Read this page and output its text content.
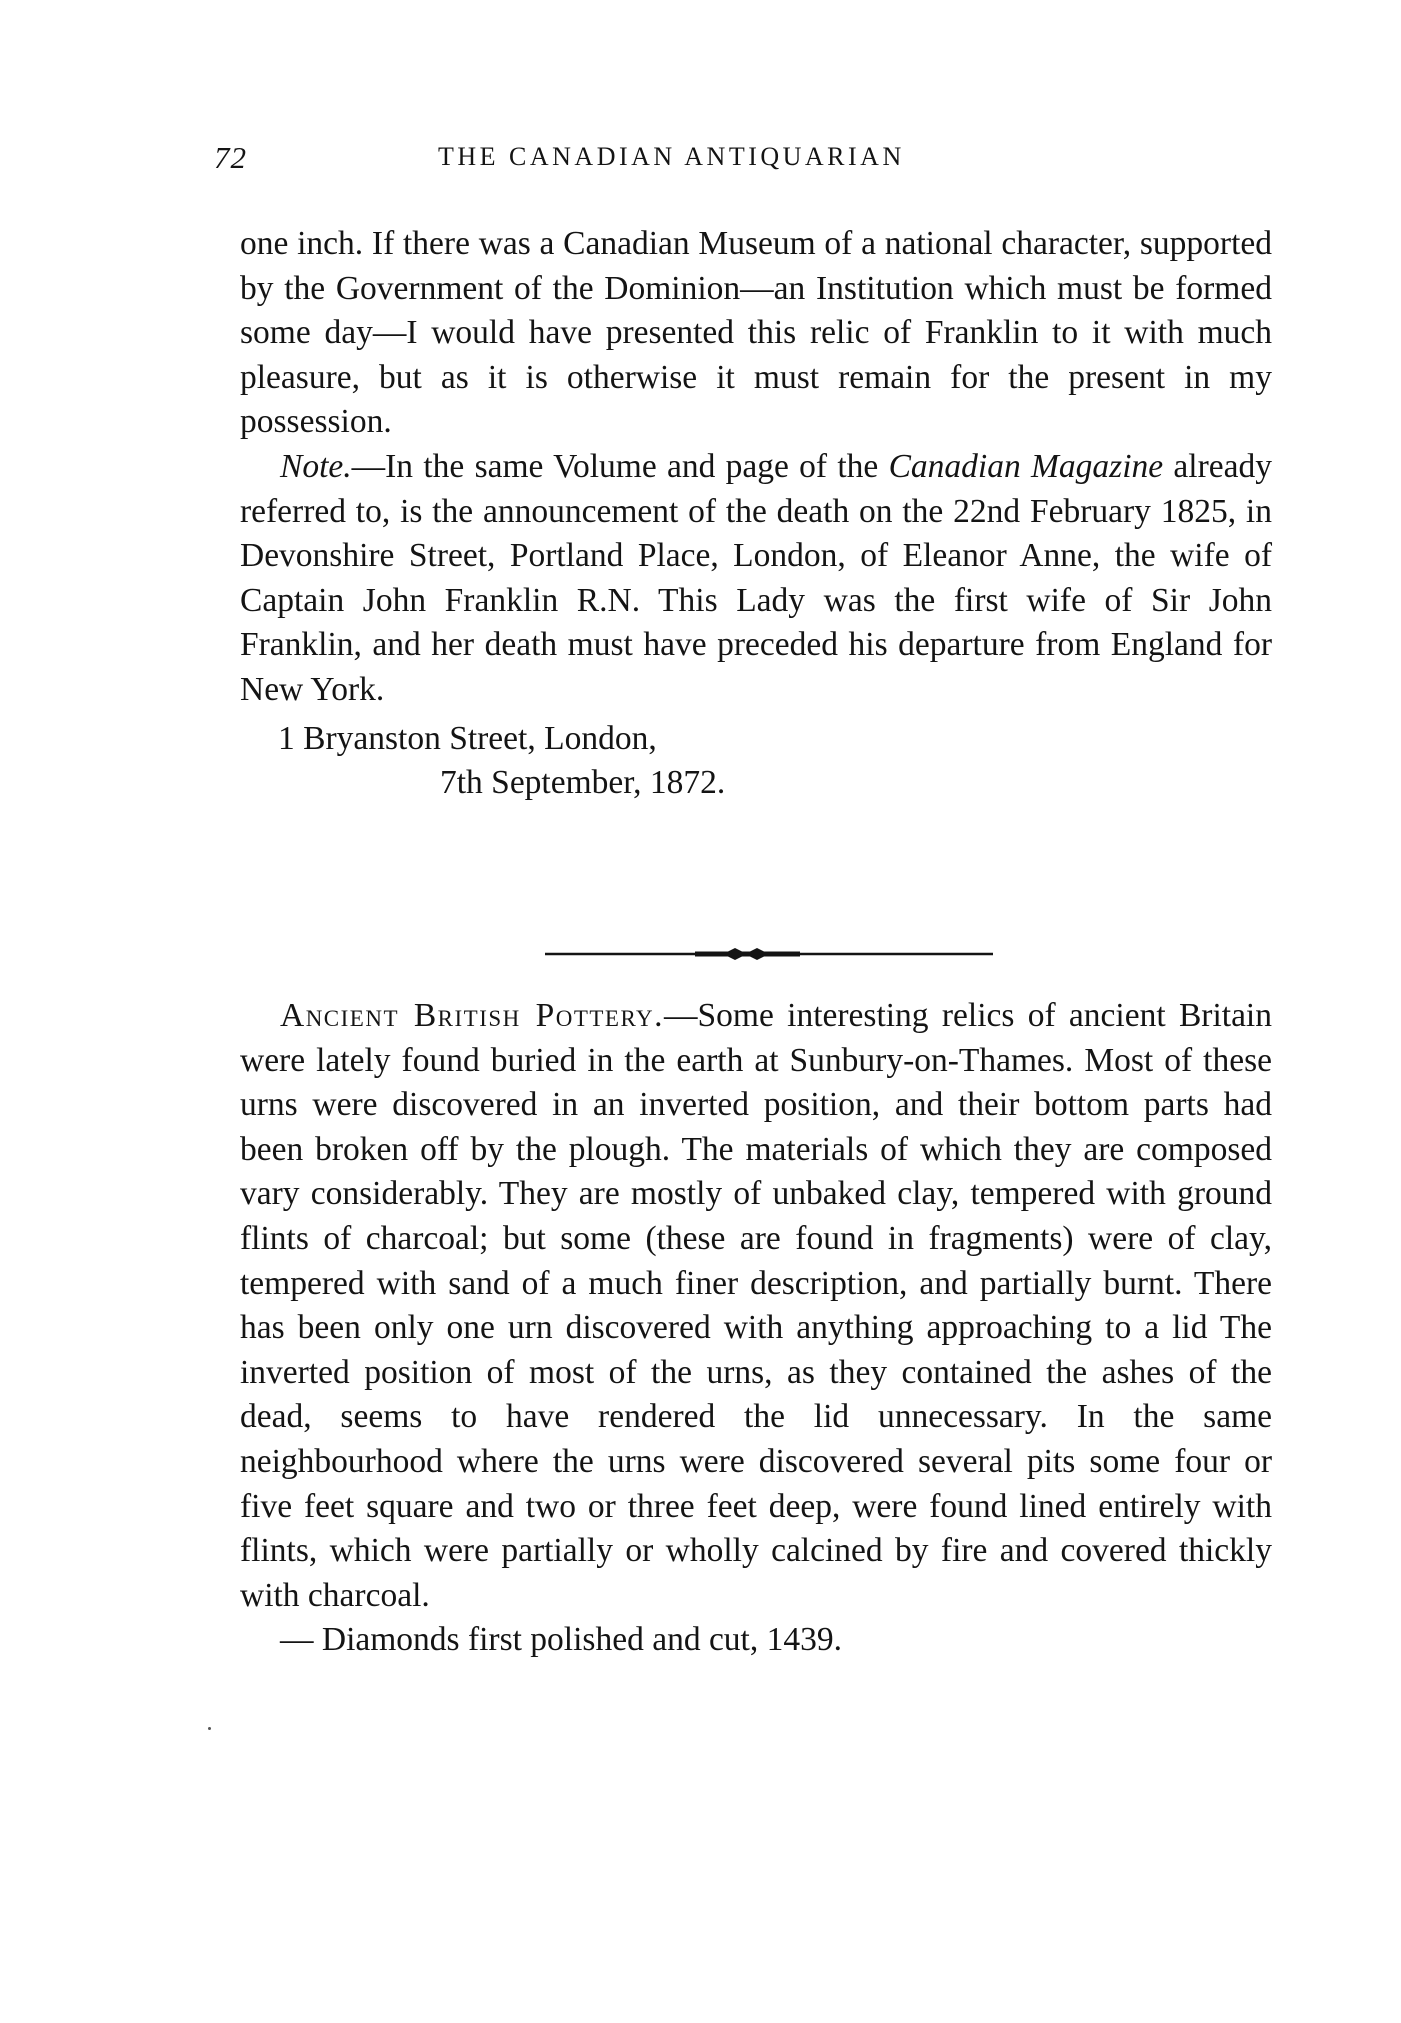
72	THE CANADIAN ANTIQUARIAN

one inch. If there was a Canadian Museum of a national character, supported by the Government of the Dominion—an Institution which must be formed some day—I would have presented this relic of Franklin to it with much pleasure, but as it is otherwise it must remain for the present in my possession.

Note.—In the same Volume and page of the Canadian Magazine already referred to, is the announcement of the death on the 22nd February 1825, in Devonshire Street, Portland Place, London, of Eleanor Anne, the wife of Captain John Franklin R.N. This Lady was the first wife of Sir John Franklin, and her death must have preceded his departure from England for New York.

1 Bryanston Street, London,

7th September, 1872.

Ancient British Pottery.—Some interesting relics of ancient Britain were lately found buried in the earth at Sunbury-on-Thames. Most of these urns were discovered in an inverted position, and their bottom parts had been broken off by the plough. The materials of which they are composed vary considerably. They are mostly of unbaked clay, tempered with ground flints of charcoal; but some (these are found in fragments) were of clay, tempered with sand of a much finer description, and partially burnt. There has been only one urn discovered with anything approaching to a lid The inverted position of most of the urns, as they contained the ashes of the dead, seems to have rendered the lid unnecessary. In the same neighbourhood where the urns were discovered several pits some four or five feet square and two or three feet deep, were found lined entirely with flints, which were partially or wholly calcined by fire and covered thickly with charcoal.

— Diamonds first polished and cut, 1439.
